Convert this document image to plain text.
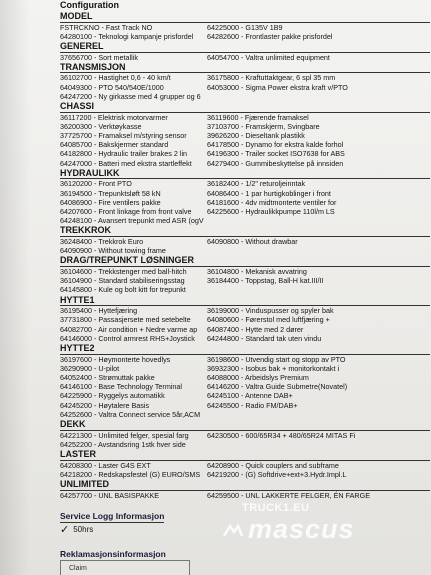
Configuration
MODEL
FSTRCKNO - Fast Track NO	64225000 - G135V 1B9
64280100 - Teknologi kampanje prisfordel	64282600 - Frontlaster pakke prisfordel
GENEREL
37656700 - Sort metallik	64054700 - Valtra unlimited equipment
TRANSMISJON
36102700 - Hastighet 0,6 - 40 km/t	36175800 - Kraftuttaktgear, 6 spl 35 mm
64049300 - PTO 540/540E/1000	64053000 - Sigma Power ekstra kraft v/PTO
64247200 - Ny girkasse med 4 grupper og 6
CHASSI
36117200 - Elektrisk motorvarmer	36119600 - Fjærende framaksel
36200300 - Verktøykasse	37103700 - Framskjerm, Svingbare
37725700 - Framaksel m/styring sensor	39626200 - Dieseltank plastikk
64085700 - Bakskjermer standard	64178500 - Dynamo for ekstra kalde forhol
64182800 - Hydraulic trailer brakes 2 lin	64196300 - Trailer socket ISO7638 for ABS
64247000 - Batteri med ekstra startleffekt	64279400 - Gummibeskyttelse på innsiden
HYDRAULIKK
36120200 - Front PTO	36182400 - 1/2" returoljeinntak
36194500 - Trepunktsløft 58 kN	64086400 - 1 par hurtigkoblinger i front
64086900 - Fire ventilers pakke	64181600 - 4dv midtmonterte ventiler for
64207600 - Front linkage from front valve	64225600 - Hydraulikkpumpe 110l/m LS
64248100 - Avansert trepunkt med ASR (ogV
TREKKROK
36248400 - Trekkrok Euro	64090800 - Without drawbar
64090900 - Without towing frame
DRAG/TREPUNKT LØSNINGER
36104600 - Trekkstenger med ball-hitch	36104800 - Mekanisk avvatring
36104900 - Standard stabiliseringsstag	36184400 - Toppstag, Ball-H kat.III/II
64145800 - Kule og bolt kitt for trepunkt
HYTTE1
36195400 - Hyttefjæring	36199000 - Vinduspusser og spyler bak
37731800 - Passasjersete med setebelte	64080600 - Førerstol med luftfjæring +
64082700 - Air condition + Nedre varme ap	64087400 - Hytte med 2 dører
64146000 - Control armrest RHS+Joystick	64244800 - Standard tak uten vindu
HYTTE2
36197600 - Høymonterte hovedlys	36198600 - Utvendig start og stopp av PTO
36290900 - U-pilot	36932300 - Isobus bak + monitorkontakt i
64052400 - Strømuttak pakke	64088000 - Arbeidslys Premium
64146100 - Base Technology Terminal	64146200 - Valtra Guide Submetre(Novatel)
64225900 - Ryggelys automatikk	64245100 - Antenne DAB+
64245200 - Høytalere Basis	64245500 - Radio FM/DAB+
64252600 - Valtra Connect service 5år,ACM
DEKK
64221300 - Unlimited felger, spesial farg	64230500 - 600/65R34 + 480/65R24 MITAS Fi
64252200 - Avstandsring 1stk hver side
LASTER
64208300 - Laster G4S EXT	64208900 - Quick couplers and subframe
64218200 - Redskapsfestel (G) EURO/SMS 64219200 - (G) Softdrive+ext+3.Hydr.Impl.L
UNLIMITED
64257700 - UNL BASISPAKKE	64259500 - UNL LAKKERTE FELGER, ÉN FARGE
Service Logg Informasjon
✓ 50hrs
Reklamasjonsinformasjon
Claim
TRUCK1.EU
mascus
